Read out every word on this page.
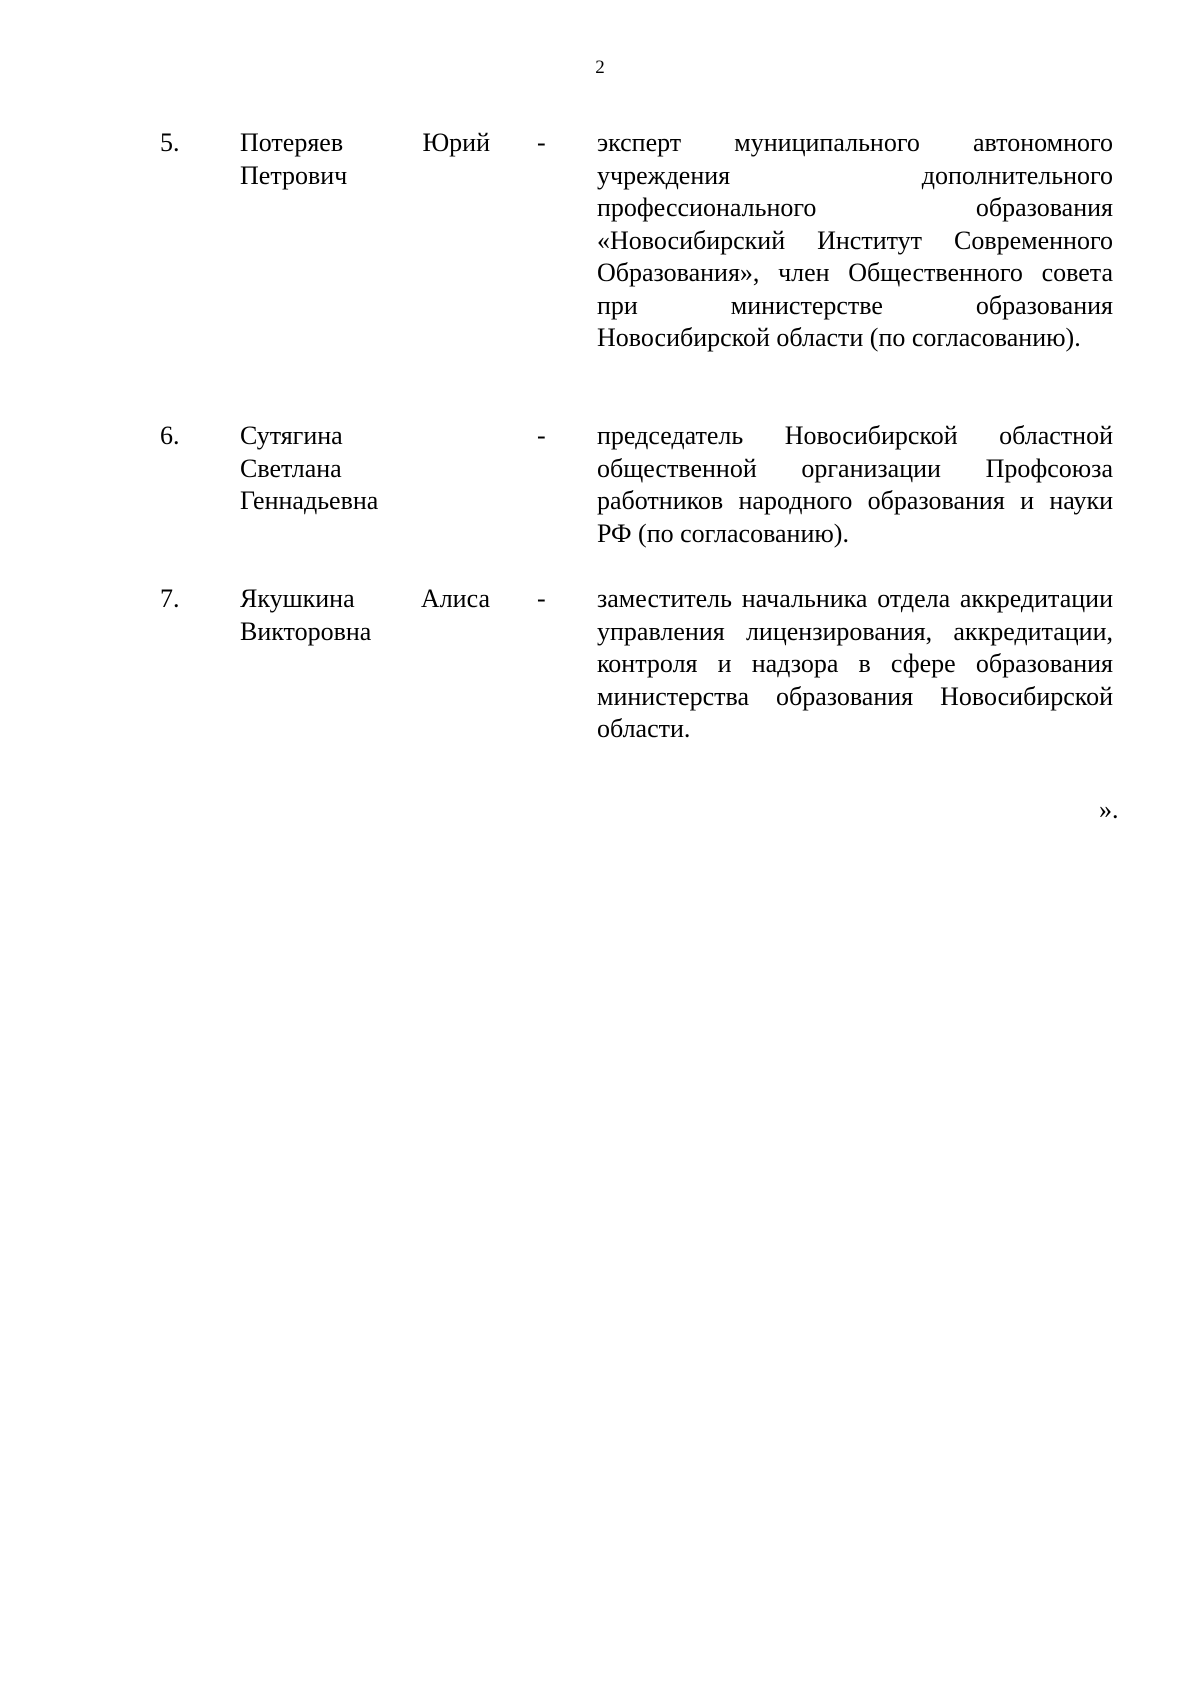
2
5. Потеряев Юрий
Петрович
- эксперт муниципального автономного учреждения дополнительного профессионального образования «Новосибирский Институт Современного Образования», член Общественного совета при министерстве образования Новосибирской области (по согласованию).
6. Сутягина
Светлана
Геннадьевна
- председатель Новосибирской областной общественной организации Профсоюза работников народного образования и науки РФ (по согласованию).
7. Якушкина Алиса
Викторовна
- заместитель начальника отдела аккредитации управления лицензирования, аккредитации, контроля и надзора в сфере образования министерства образования Новосибирской области.
».
